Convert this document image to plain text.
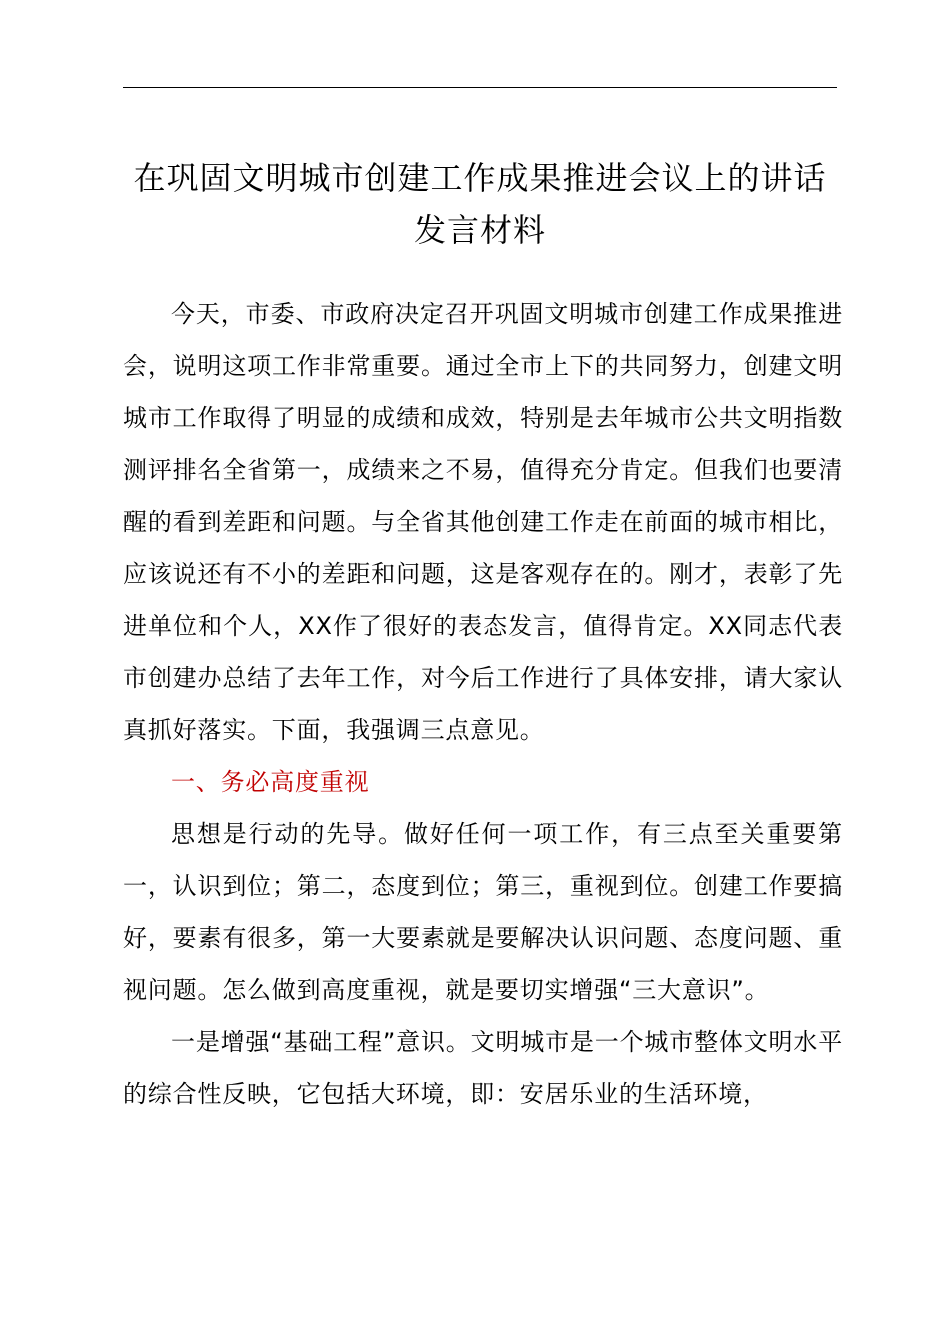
在巩固文明城市创建工作成果推进会议上的讲话发言材料

今天，市委、市政府决定召开巩固文明城市创建工作成果推进会，说明这项工作非常重要。通过全市上下的共同努力，创建文明城市工作取得了明显的成绩和成效，特别是去年城市公共文明指数测评排名全省第一，成绩来之不易，值得充分肯定。但我们也要清醒的看到差距和问题。与全省其他创建工作走在前面的城市相比，应该说还有不小的差距和问题，这是客观存在的。刚才，表彰了先进单位和个人，XX作了很好的表态发言，值得肯定。XX同志代表市创建办总结了去年工作，对今后工作进行了具体安排，请大家认真抓好落实。下面，我强调三点意见。

一、务必高度重视

思想是行动的先导。做好任何一项工作，有三点至关重要第一，认识到位；第二，态度到位；第三，重视到位。创建工作要搞好，要素有很多，第一大要素就是要解决认识问题、态度问题、重视问题。怎么做到高度重视，就是要切实增强“三大意识”。

一是增强“基础工程”意识。文明城市是一个城市整体文明水平的综合性反映，它包括大环境，即：安居乐业的生活环境，
